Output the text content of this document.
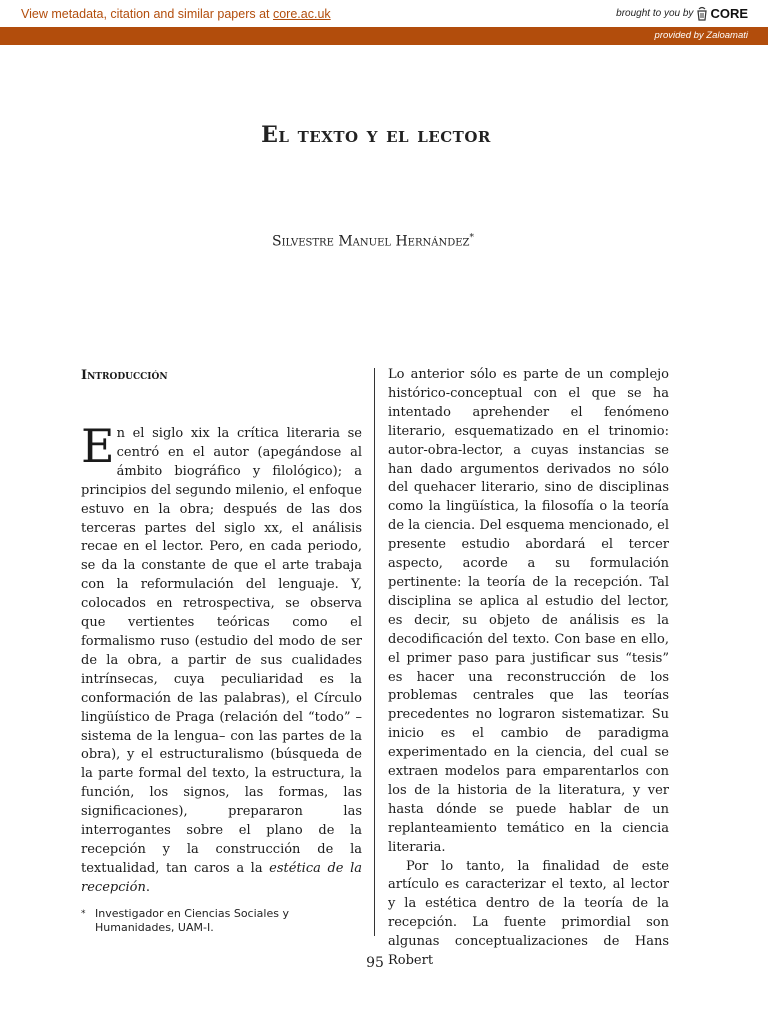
View metadata, citation and similar papers at core.ac.uk	brought to you by CORE
provided by Zaloamati
El texto y el lector
Silvestre Manuel Hernández*
Introducción
En el siglo xix la crítica literaria se centró en el autor (apegándose al ámbito biográfico y filológico); a principios del segundo milenio, el enfoque estuvo en la obra; después de las dos terceras partes del siglo xx, el análisis recae en el lector. Pero, en cada periodo, se da la constante de que el arte trabaja con la reformulación del lenguaje. Y, colocados en retrospectiva, se observa que vertientes teóricas como el formalismo ruso (estudio del modo de ser de la obra, a partir de sus cualidades intrínsecas, cuya peculiaridad es la conformación de las palabras), el Círculo lingüístico de Praga (relación del “todo” –sistema de la lengua– con las partes de la obra), y el estructuralismo (búsqueda de la parte formal del texto, la estructura, la función, los signos, las formas, las significaciones), prepararon las interrogantes sobre el plano de la recepción y la construcción de la textualidad, tan caros a la estética de la recepción.

Lo anterior sólo es parte de un complejo histórico-conceptual con el que se ha intentado aprehender el fenómeno literario, esquematizado en el trinomio: autor-obra-lector, a cuyas instancias se han dado argumentos derivados no sólo del quehacer literario, sino de disciplinas como la lingüística, la filosofía o la teoría de la ciencia. Del esquema mencionado, el presente estudio abordará el tercer aspecto, acorde a su formulación pertinente: la teoría de la recepción. Tal disciplina se aplica al estudio del lector, es decir, su objeto de análisis es la decodificación del texto. Con base en ello, el primer paso para justificar sus “tesis” es hacer una reconstrucción de los problemas centrales que las teorías precedentes no lograron sistematizar. Su inicio es el cambio de paradigma experimentado en la ciencia, del cual se extraen modelos para emparentarlos con los de la historia de la literatura, y ver hasta dónde se puede hablar de un replanteamiento temático en la ciencia literaria.

Por lo tanto, la finalidad de este artículo es caracterizar el texto, al lector y la estética dentro de la teoría de la recepción. La fuente primordial son algunas conceptualizaciones de Hans Robert

* Investigador en Ciencias Sociales y Humanidades, UAM-I.
95
